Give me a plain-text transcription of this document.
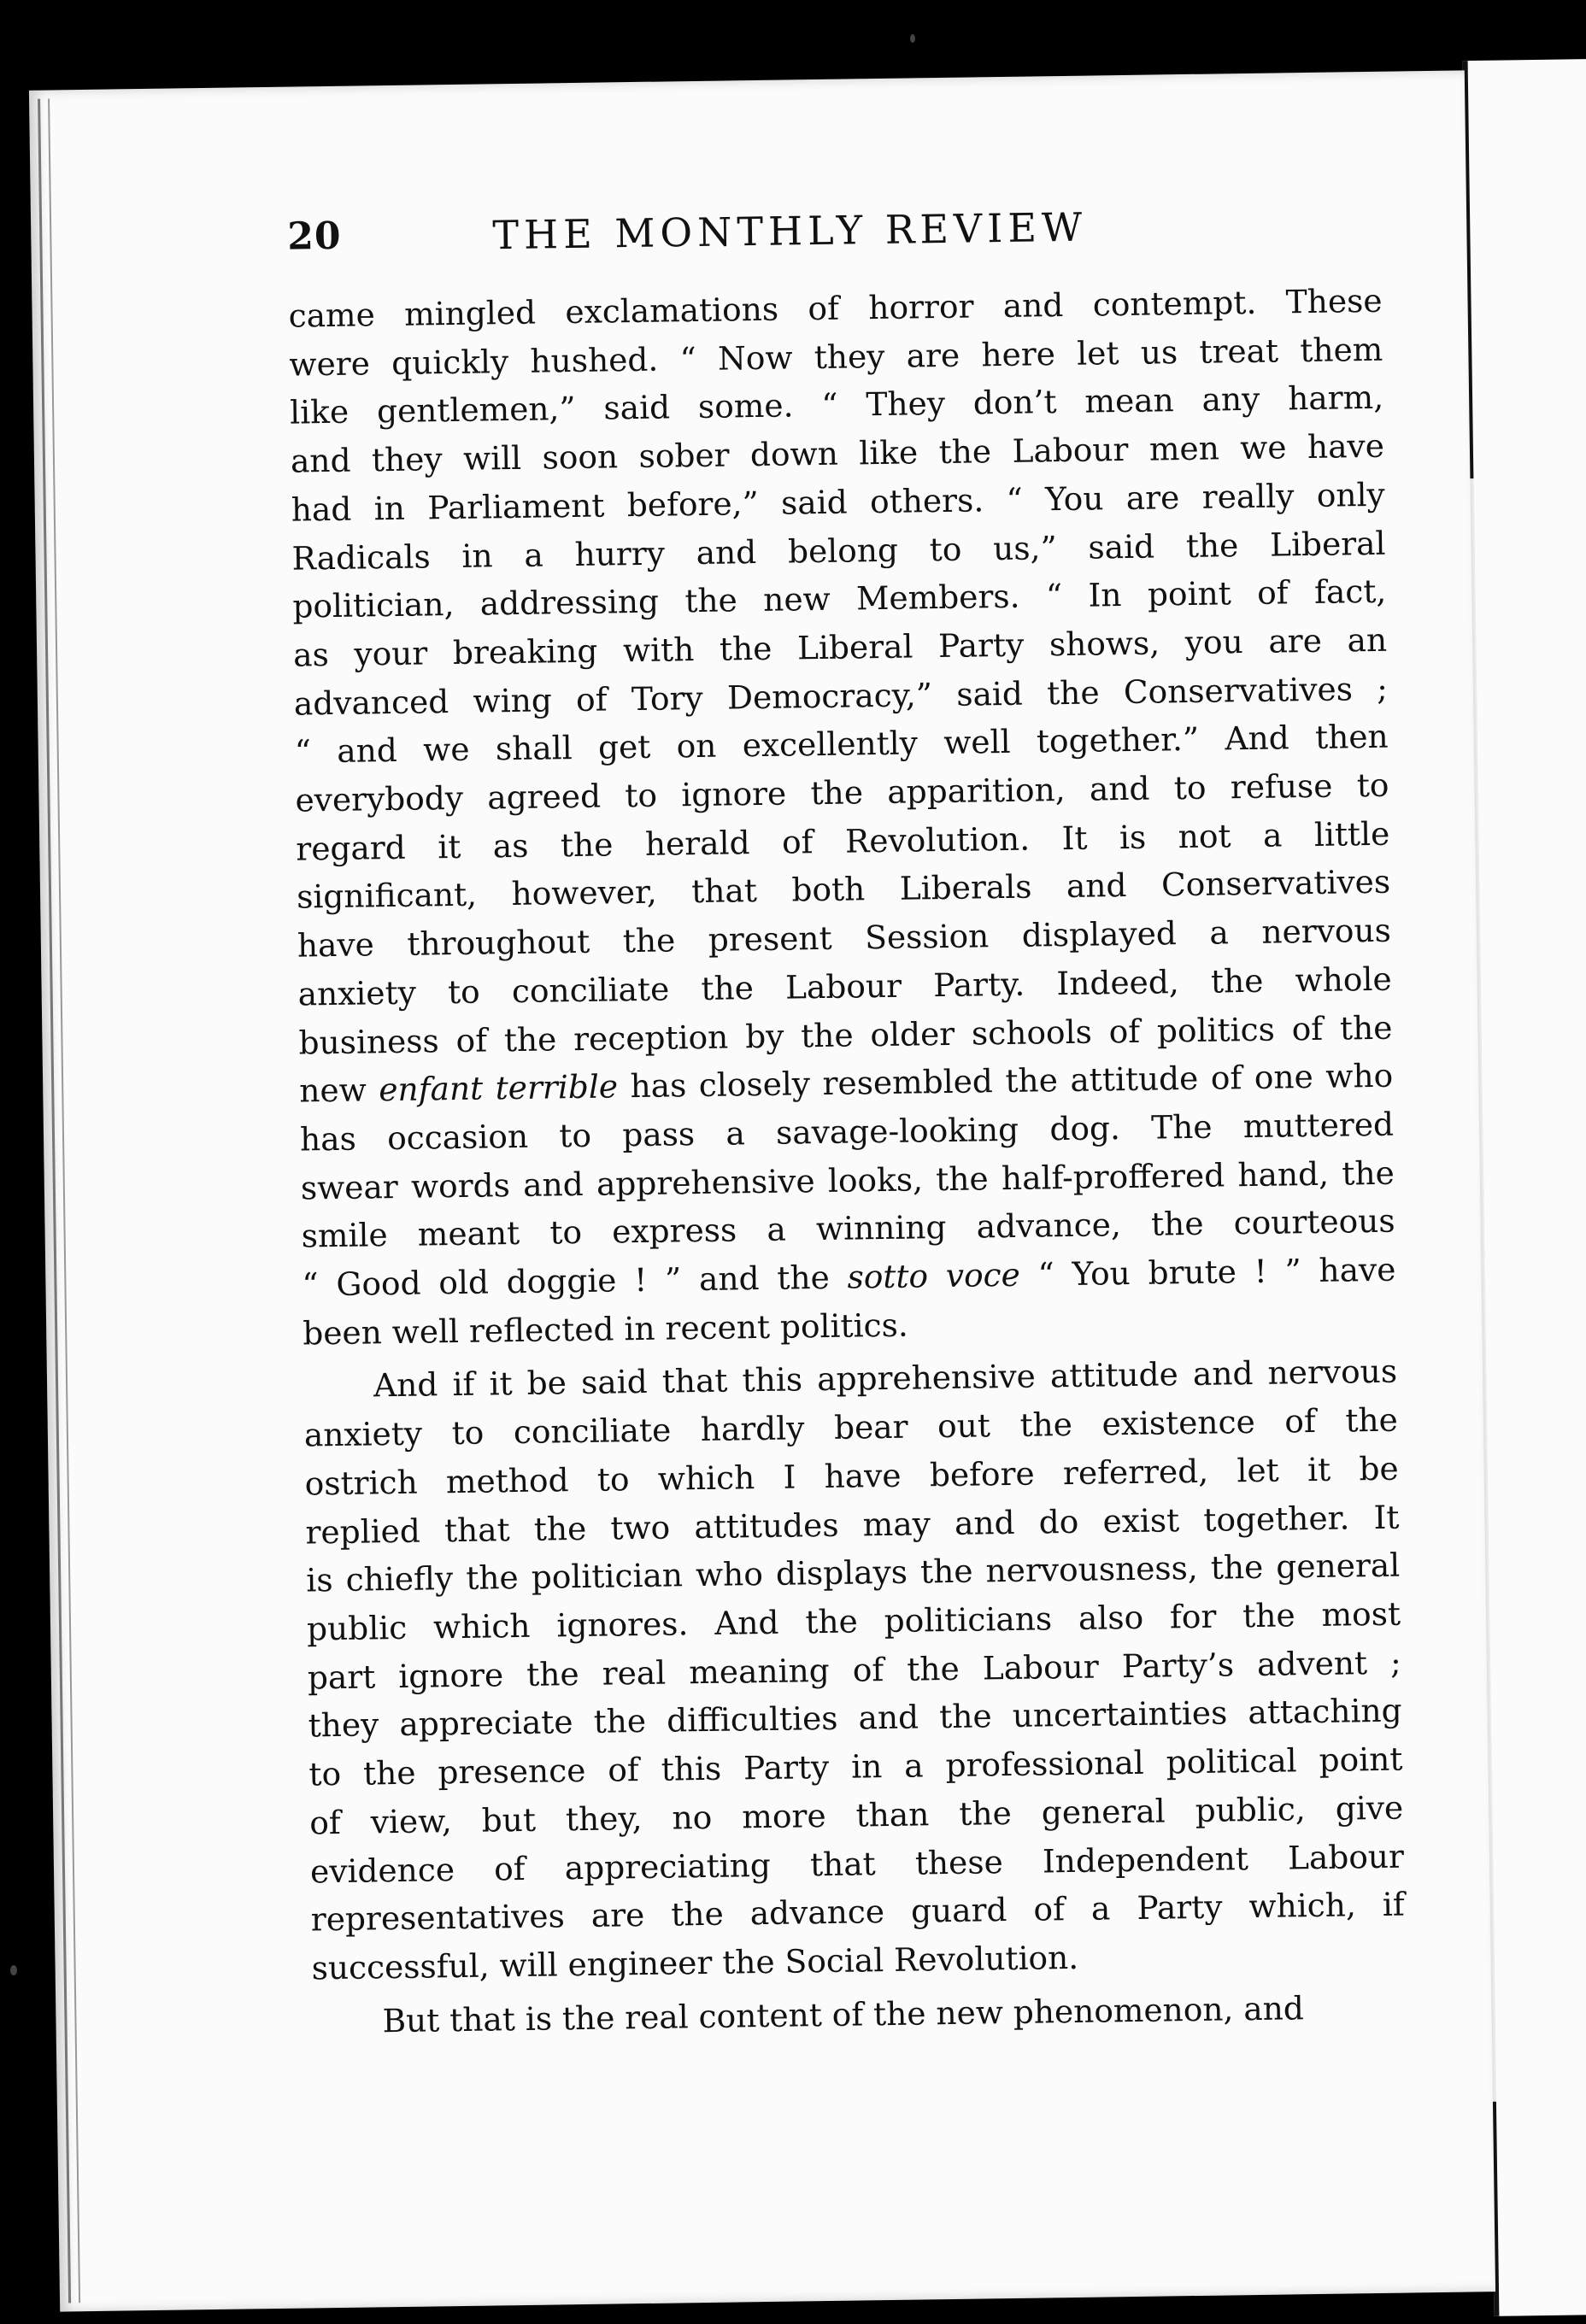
20	THE MONTHLY REVIEW
came mingled exclamations of horror and contempt. These
were quickly hushed. “ Now they are here let us treat them
like gentlemen,” said some. “ They don’t mean any harm,
and they will soon sober down like the Labour men we have
had in Parliament before,” said others. “ You are really only
Radicals in a hurry and belong to us,” said the Liberal
politician, addressing the new Members. “ In point of fact,
as your breaking with the Liberal Party shows, you are an
advanced wing of Tory Democracy,” said the Conservatives ;
“ and we shall get on excellently well together.” And then
everybody agreed to ignore the apparition, and to refuse to
regard it as the herald of Revolution. It is not a little
significant, however, that both Liberals and Conservatives
have throughout the present Session displayed a nervous
anxiety to conciliate the Labour Party. Indeed, the whole
business of the reception by the older schools of politics of the
new enfant terrible has closely resembled the attitude of one who
has occasion to pass a savage-looking dog. The muttered
swear words and apprehensive looks, the half-proffered hand, the
smile meant to express a winning advance, the courteous
“ Good old doggie ! ” and the sotto voce “ You brute ! ” have
been well reflected in recent politics.
And if it be said that this apprehensive attitude and nervous
anxiety to conciliate hardly bear out the existence of the
ostrich method to which I have before referred, let it be
replied that the two attitudes may and do exist together. It
is chiefly the politician who displays the nervousness, the general
public which ignores. And the politicians also for the most
part ignore the real meaning of the Labour Party’s advent ;
they appreciate the difficulties and the uncertainties attaching
to the presence of this Party in a professional political point
of view, but they, no more than the general public, give
evidence of appreciating that these Independent Labour
representatives are the advance guard of a Party which, if
successful, will engineer the Social Revolution.
But that is the real content of the new phenomenon, and
